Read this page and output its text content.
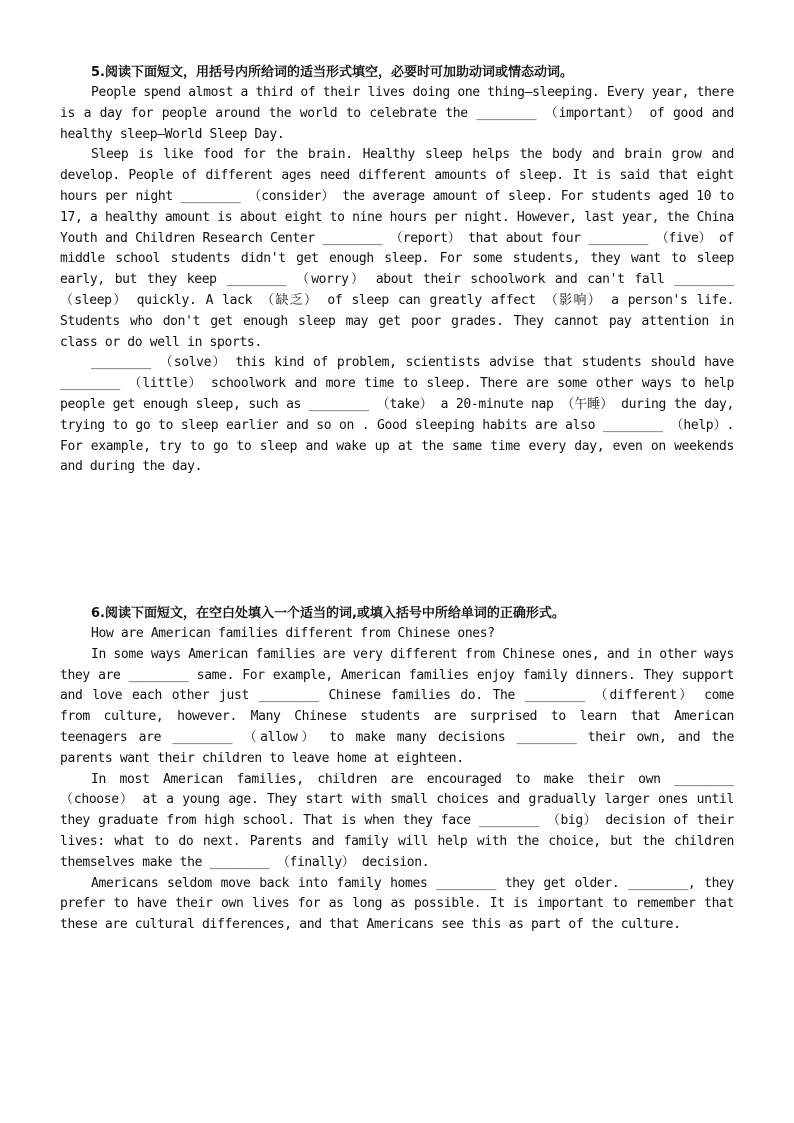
5.阅读下面短文，用括号内所给词的适当形式填空，必要时可加助动词或情态动词。

People spend almost a third of their lives doing one thing—sleeping. Every year, there is a day for people around the world to celebrate the ________ （important） of good and healthy sleep—World Sleep Day.

Sleep is like food for the brain. Healthy sleep helps the body and brain grow and develop. People of different ages need different amounts of sleep. It is said that eight hours per night ________ （consider） the average amount of sleep. For students aged 10 to 17, a healthy amount is about eight to nine hours per night. However, last year, the China Youth and Children Research Center ________ （report） that about four ________ （five） of middle school students didn't get enough sleep. For some students, they want to sleep early, but they keep ________ （worry） about their schoolwork and can't fall ________ （sleep） quickly. A lack （缺乏） of sleep can greatly affect （影响） a person's life. Students who don't get enough sleep may get poor grades. They cannot pay attention in class or do well in sports.

________ （solve） this kind of problem, scientists advise that students should have ________ （little） schoolwork and more time to sleep. There are some other ways to help people get enough sleep, such as ________ （take） a 20-minute nap （午睡） during the day, trying to go to sleep earlier and so on . Good sleeping habits are also ________ （help）. For example, try to go to sleep and wake up at the same time every day, even on weekends and during the day.

6.阅读下面短文，在空白处填入一个适当的词,或填入括号中所给单词的正确形式。

How are American families different from Chinese ones?

In some ways American families are very different from Chinese ones, and in other ways they are ________ same. For example, American families enjoy family dinners. They support and love each other just ________ Chinese families do. The ________ （different） come from culture, however. Many Chinese students are surprised to learn that American teenagers are ________ （allow） to make many decisions ________ their own, and the parents want their children to leave home at eighteen.

In most American families, children are encouraged to make their own ________ （choose） at a young age. They start with small choices and gradually larger ones until they graduate from high school. That is when they face ________ （big） decision of their lives: what to do next. Parents and family will help with the choice, but the children themselves make the ________ （finally） decision.

Americans seldom move back into family homes ________ they get older. ________, they prefer to have their own lives for as long as possible. It is important to remember that these are cultural differences, and that Americans see this as part of the culture.
